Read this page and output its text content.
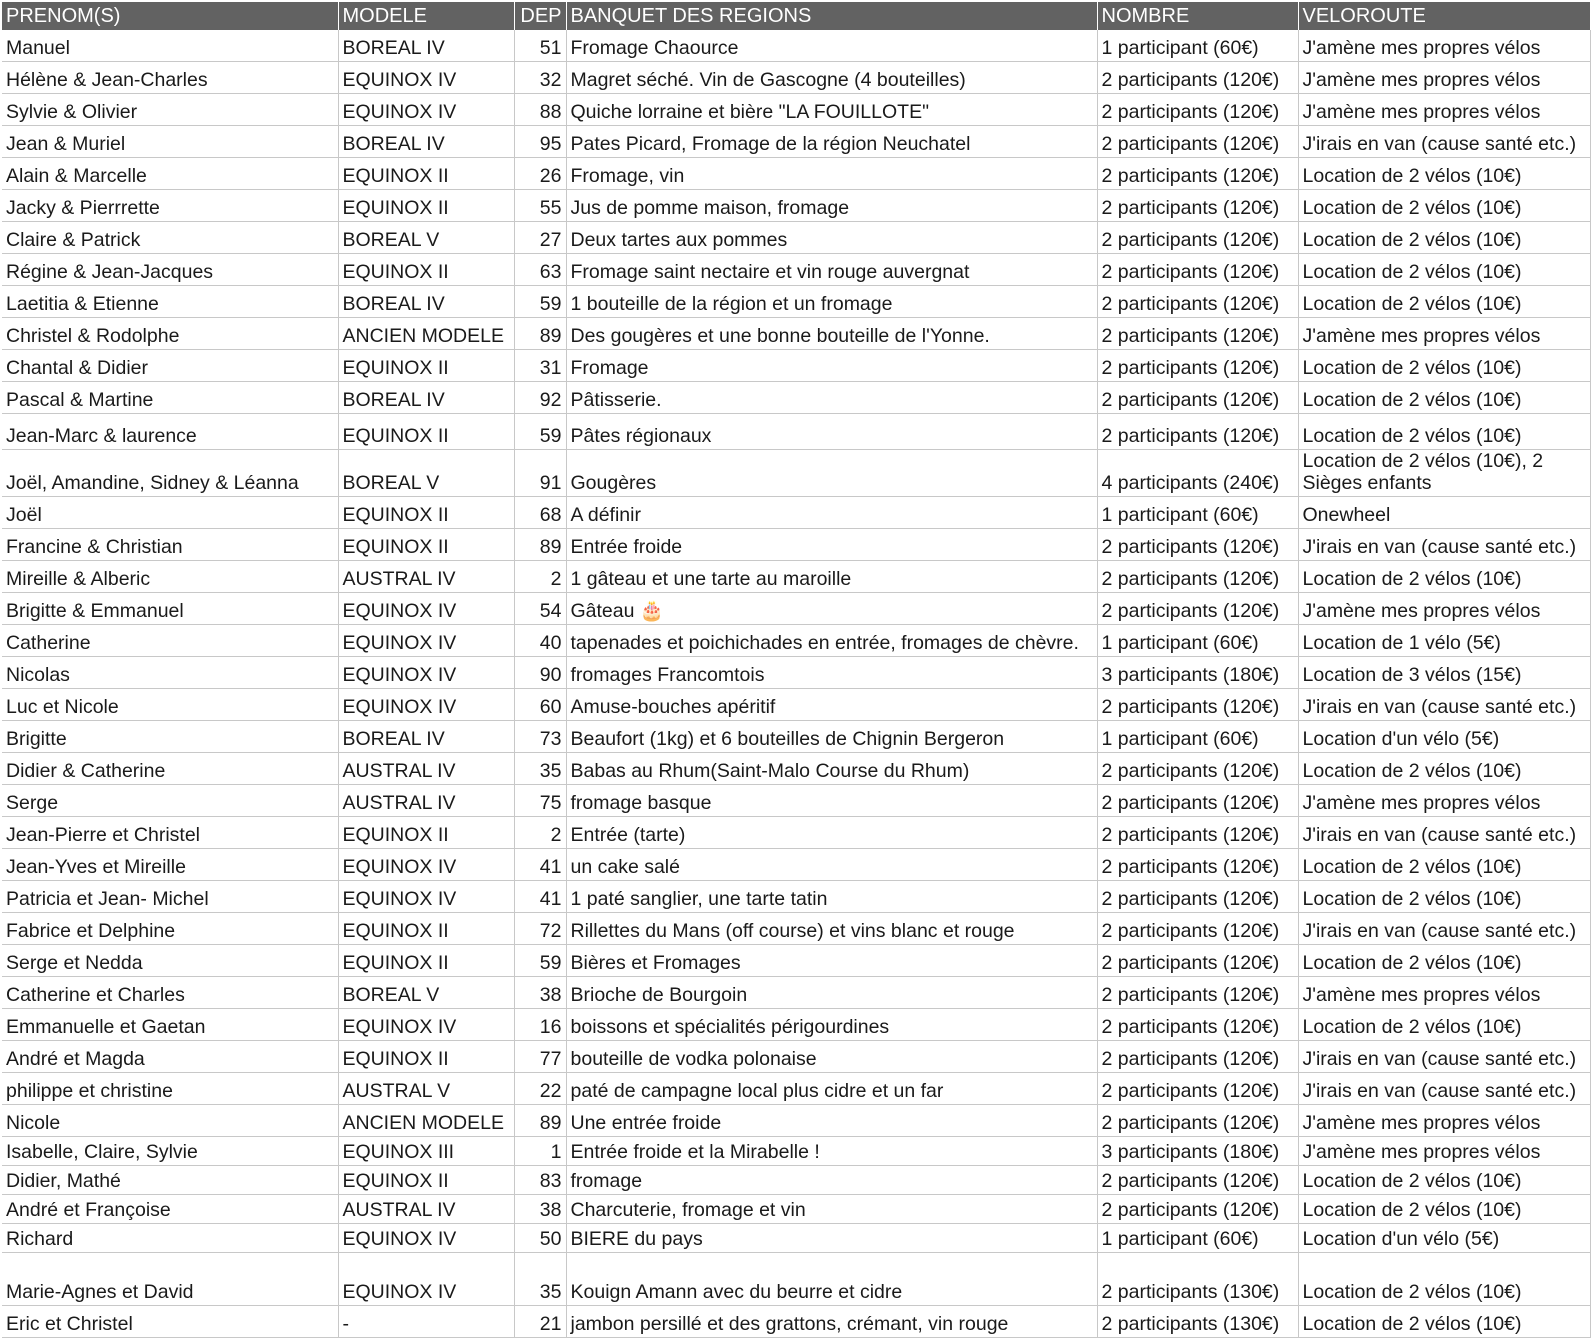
PRENOM(S)	MODELE	DEP	BANQUET DES REGIONS	NOMBRE	VELOROUTE
Manuel	BOREAL IV	51	Fromage Chaource	1 participant (60€)	J'amène mes propres vélos
Hélène & Jean-Charles	EQUINOX IV	32	Magret séché. Vin de Gascogne (4 bouteilles)	2 participants (120€)	J'amène mes propres vélos
Sylvie & Olivier	EQUINOX IV	88	Quiche lorraine et bière "LA FOUILLOTE"	2 participants (120€)	J'amène mes propres vélos
Jean & Muriel	BOREAL IV	95	Pates Picard, Fromage de la région Neuchatel	2 participants (120€)	J'irais en van (cause santé etc.)
Alain & Marcelle	EQUINOX II	26	Fromage, vin	2 participants (120€)	Location de 2 vélos (10€)
Jacky & Pierrrette	EQUINOX II	55	Jus de pomme maison, fromage	2 participants (120€)	Location de 2 vélos (10€)
Claire & Patrick	BOREAL V	27	Deux tartes aux pommes	2 participants (120€)	Location de 2 vélos (10€)
Régine & Jean-Jacques	EQUINOX II	63	Fromage saint nectaire et vin rouge auvergnat	2 participants (120€)	Location de 2 vélos (10€)
Laetitia & Etienne	BOREAL IV	59	1 bouteille de la région et un fromage	2 participants (120€)	Location de 2 vélos (10€)
Christel & Rodolphe	ANCIEN MODELE	89	Des gougères et une bonne bouteille de l'Yonne.	2 participants (120€)	J'amène mes propres vélos
Chantal & Didier	EQUINOX II	31	Fromage	2 participants (120€)	Location de 2 vélos (10€)
Pascal & Martine	BOREAL IV	92	Pâtisserie.	2 participants (120€)	Location de 2 vélos (10€)
Jean-Marc & laurence	EQUINOX II	59	Pâtes régionaux	2 participants (120€)	Location de 2 vélos (10€)
Joël, Amandine, Sidney & Léanna	BOREAL V	91	Gougères	4 participants (240€)	Location de 2 vélos (10€), 2 Sièges enfants
Joël	EQUINOX II	68	A définir	1 participant (60€)	Onewheel
Francine & Christian	EQUINOX II	89	Entrée froide	2 participants (120€)	J'irais en van (cause santé etc.)
Mireille & Alberic	AUSTRAL IV	2	1 gâteau et une tarte au maroille	2 participants (120€)	Location de 2 vélos (10€)
Brigitte & Emmanuel	EQUINOX IV	54	Gâteau 🎂	2 participants (120€)	J'amène mes propres vélos
Catherine	EQUINOX IV	40	tapenades et poichichades en entrée, fromages de chèvre.	1 participant (60€)	Location de 1 vélo (5€)
Nicolas	EQUINOX IV	90	fromages Francomtois	3 participants (180€)	Location de 3 vélos (15€)
Luc et Nicole	EQUINOX IV	60	Amuse-bouches apéritif	2 participants (120€)	J'irais en van (cause santé etc.)
Brigitte	BOREAL IV	73	Beaufort (1kg) et 6 bouteilles de Chignin Bergeron	1 participant (60€)	Location d'un vélo (5€)
Didier & Catherine	AUSTRAL IV	35	Babas au Rhum(Saint-Malo Course du Rhum)	2 participants (120€)	Location de 2 vélos (10€)
Serge	AUSTRAL IV	75	fromage basque	2 participants (120€)	J'amène mes propres vélos
Jean-Pierre et Christel	EQUINOX II	2	Entrée (tarte)	2 participants (120€)	J'irais en van (cause santé etc.)
Jean-Yves et Mireille	EQUINOX IV	41	un cake salé	2 participants (120€)	Location de 2 vélos (10€)
Patricia et Jean- Michel	EQUINOX IV	41	1 paté sanglier, une tarte tatin	2 participants (120€)	Location de 2 vélos (10€)
Fabrice et Delphine	EQUINOX II	72	Rillettes du Mans (off course) et vins blanc et rouge	2 participants (120€)	J'irais en van (cause santé etc.)
Serge et Nedda	EQUINOX II	59	Bières et Fromages	2 participants (120€)	Location de 2 vélos (10€)
Catherine et Charles	BOREAL V	38	Brioche de Bourgoin	2 participants (120€)	J'amène mes propres vélos
Emmanuelle et Gaetan	EQUINOX IV	16	boissons et spécialités périgourdines	2 participants (120€)	Location de 2 vélos (10€)
André et Magda	EQUINOX II	77	bouteille de vodka polonaise	2 participants (120€)	J'irais en van (cause santé etc.)
philippe et christine	AUSTRAL V	22	paté de campagne local plus cidre et un far	2 participants (120€)	J'irais en van (cause santé etc.)
Nicole	ANCIEN MODELE	89	Une entrée froide	2 participants (120€)	J'amène mes propres vélos
Isabelle, Claire, Sylvie	EQUINOX III	1	Entrée froide et la Mirabelle !	3 participants (180€)	J'amène mes propres vélos
Didier, Mathé	EQUINOX II	83	fromage	2 participants (120€)	Location de 2 vélos (10€)
André et Françoise	AUSTRAL IV	38	Charcuterie, fromage et vin	2 participants (120€)	Location de 2 vélos (10€)
Richard	EQUINOX IV	50	BIERE du pays	1 participant (60€)	Location d'un vélo (5€)
Marie-Agnes et David	EQUINOX IV	35	Kouign Amann avec du beurre et cidre	2 participants (130€)	Location de 2 vélos (10€)
Eric et Christel	-	21	jambon persillé et des grattons, crémant, vin rouge	2 participants (130€)	Location de 2 vélos (10€)
